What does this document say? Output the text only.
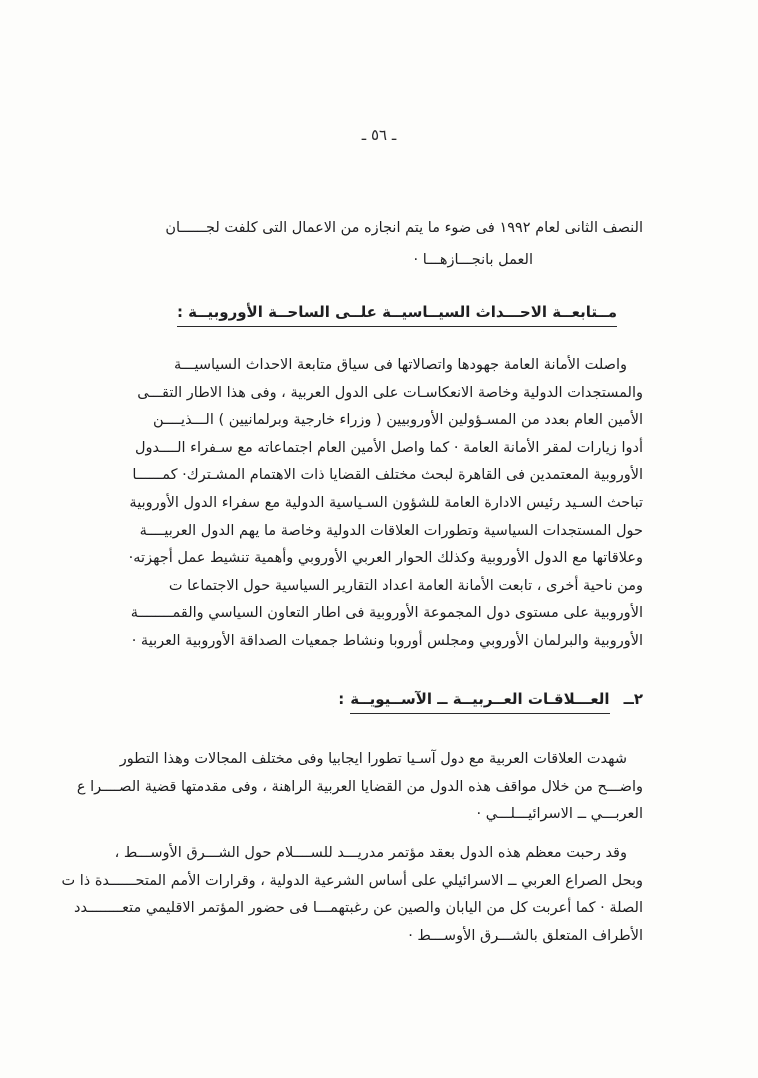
ـ ٥٦ ـ
النصف الثانى لعام ١٩٩٢ فى ضوء ما يتم انجازه من الاعمال التى كلفت لجــــــان
العمل بانجـــازهـــا ·
مــتابعــة الاحـــداث السيــاسيــة علــى الساحــة الأوروبيــة :
واصلت الأمانة العامة جهودها واتصالاتها فى سياق متابعة الاحداث السياسيـــة
والمستجدات الدولية وخاصة الانعكاسـات على الدول العربية ، وفى هذا الاطار التقـــى
الأمين العام بعدد من المسـؤولين الأوروبيين ( وزراء خارجية وبرلمانيين ) الـــذيــــن
أدوا زيارات لمقر الأمانة العامة · كما واصل الأمين العام اجتماعاته مع سـفراء الــــدول
الأوروبية المعتمدين فى القاهرة لبحث مختلف القضايا ذات الاهتمام المشـترك· كمــــــا
تباحث السـيد رئيس الادارة العامة للشؤون السـياسية الدولية مع سفراء الدول الأوروبية
حول المستجدات السياسية وتطورات العلاقات الدولية وخاصة ما يهم الدول العربيــــة
وعلاقاتها مع الدول الأوروبية وكذلك الحوار العربي الأوروبي وأهمية تنشيط عمل أجهزته·
ومن ناحية أخرى ، تابعت الأمانة العامة اعداد التقارير السياسية حول الاجتماعا ت
الأوروبية على مستوى دول المجموعة الأوروبية فى اطار التعاون السياسي والقمــــــــة
الأوروبية والبرلمان الأوروبي ومجلس أوروبا ونشاط جمعيات الصداقة الأوروبية العربية ·
٢ــالعـــلاقـات العــربيــة ــ الآســيويــة:
شهدت العلاقات العربية مع دول آسـيا تطورا ايجابيا وفى مختلف المجالات وهذا التطور
واضـــح من خلال مواقف هذه الدول من القضايا العربية الراهنة ، وفى مقدمتها قضية الصــــرا ع
العربـــي ــ الاسرائيـــلـــي ·
وقد رحبت معظم هذه الدول بعقد مؤتمر مدريـــد للســــلام حول الشـــرق الأوســـط ،
وبحل الصراع العربي ــ الاسرائيلي على أساس الشرعية الدولية ، وقرارات الأمم المتحــــــدة ذا ت
الصلة · كما أعربت كل من اليابان والصين عن رغبتهمـــا فى حضور المؤتمر الاقليمي متعــــــــدد
الأطراف المتعلق بالشـــرق الأوســـط ·
